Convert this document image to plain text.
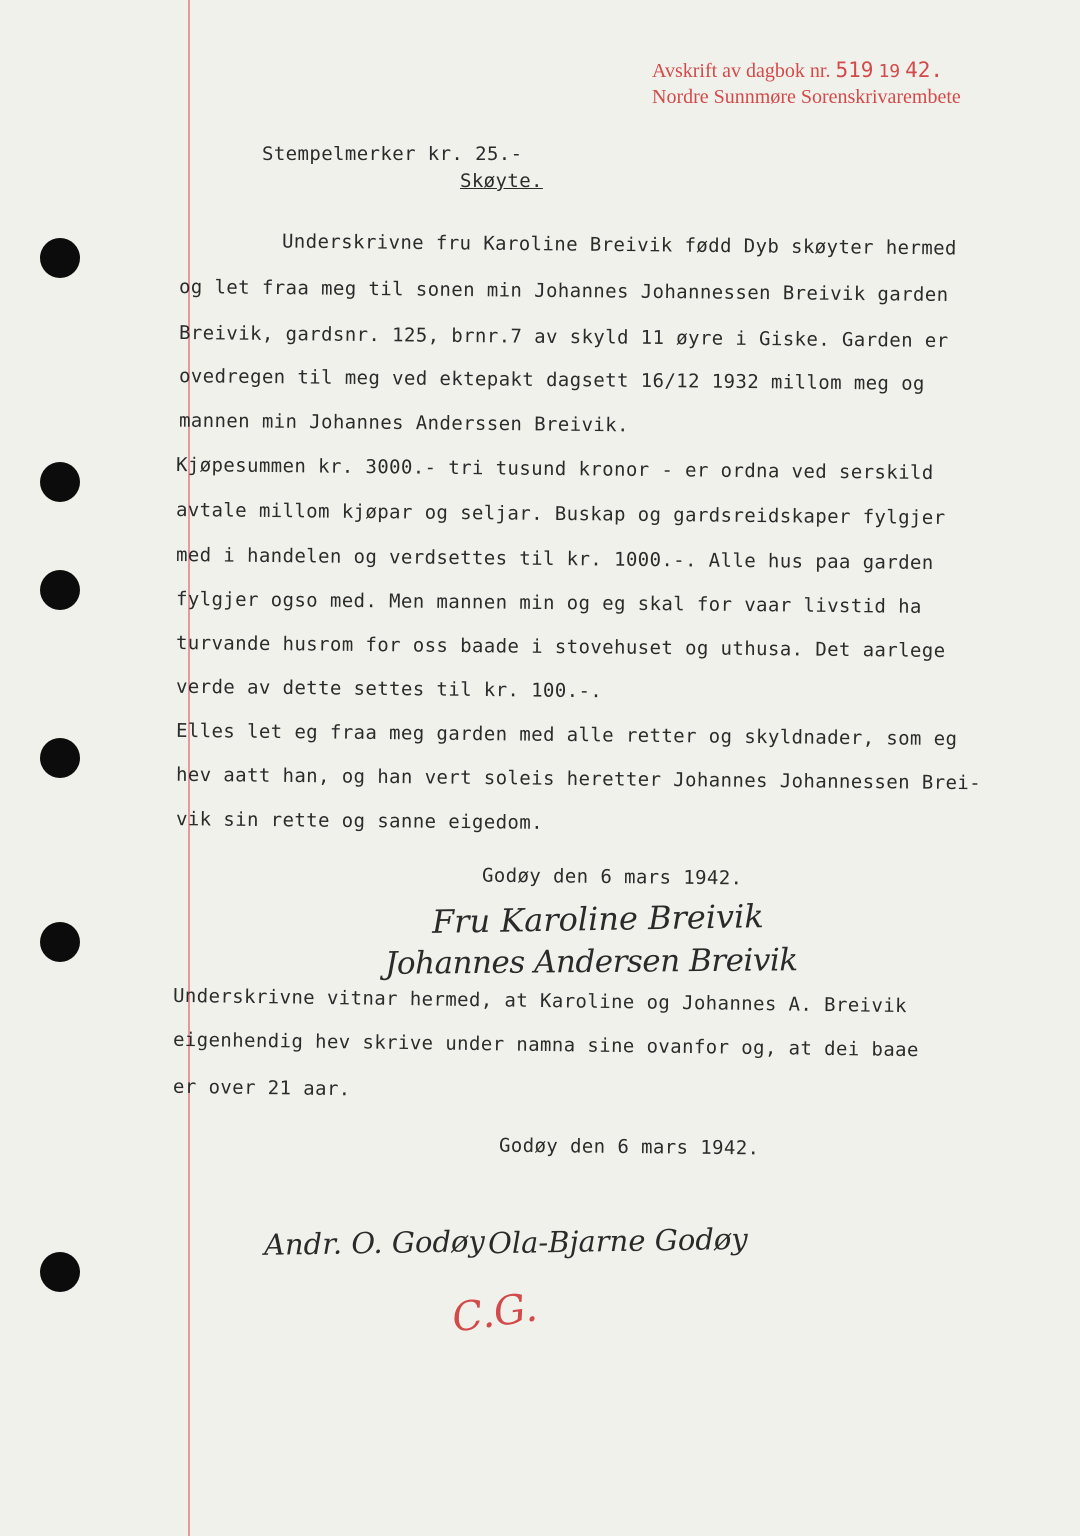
Avskrift av dagbok nr. 519 19 42.
Nordre Sunnmøre Sorenskrivarembete
Stempelmerker kr. 25.-
Skøyte.
Underskrivne fru Karoline Breivik fødd Dyb skøyter hermed
og let fraa meg til sonen min Johannes Johannessen Breivik garden
Breivik, gardsnr. 125, brnr.7 av skyld 11 øyre i Giske. Garden er
ovedregen til meg ved ektepakt dagsett 16/12 1932 millom meg og
mannen min Johannes Anderssen Breivik.
Kjøpesummen kr. 3000.- tri tusund kronor - er ordna ved serskild
avtale millom kjøpar og seljar. Buskap og gardsreidskaper fylgjer
med i handelen og verdsettes til kr. 1000.-. Alle hus paa garden
fylgjer ogso med. Men mannen min og eg skal for vaar livstid ha
turvande husrom for oss baade i stovehuset og uthusa. Det aarlege
verde av dette settes til kr. 100.-.
Elles let eg fraa meg garden med alle retter og skyldnader, som eg
hev aatt han, og han vert soleis heretter Johannes Johannessen Brei-
vik sin rette og sanne eigedom.
Godøy den 6 mars 1942.
Fru Karoline Breivik
Johannes Andersen Breivik
Underskrivne vitnar hermed, at Karoline og Johannes A. Breivik
eigenhendig hev skrive under namna sine ovanfor og, at dei baae
er over 21 aar.
Godøy den 6 mars 1942.
Andr. O. Godøy Ola-Bjarne Godøy
C.G.
